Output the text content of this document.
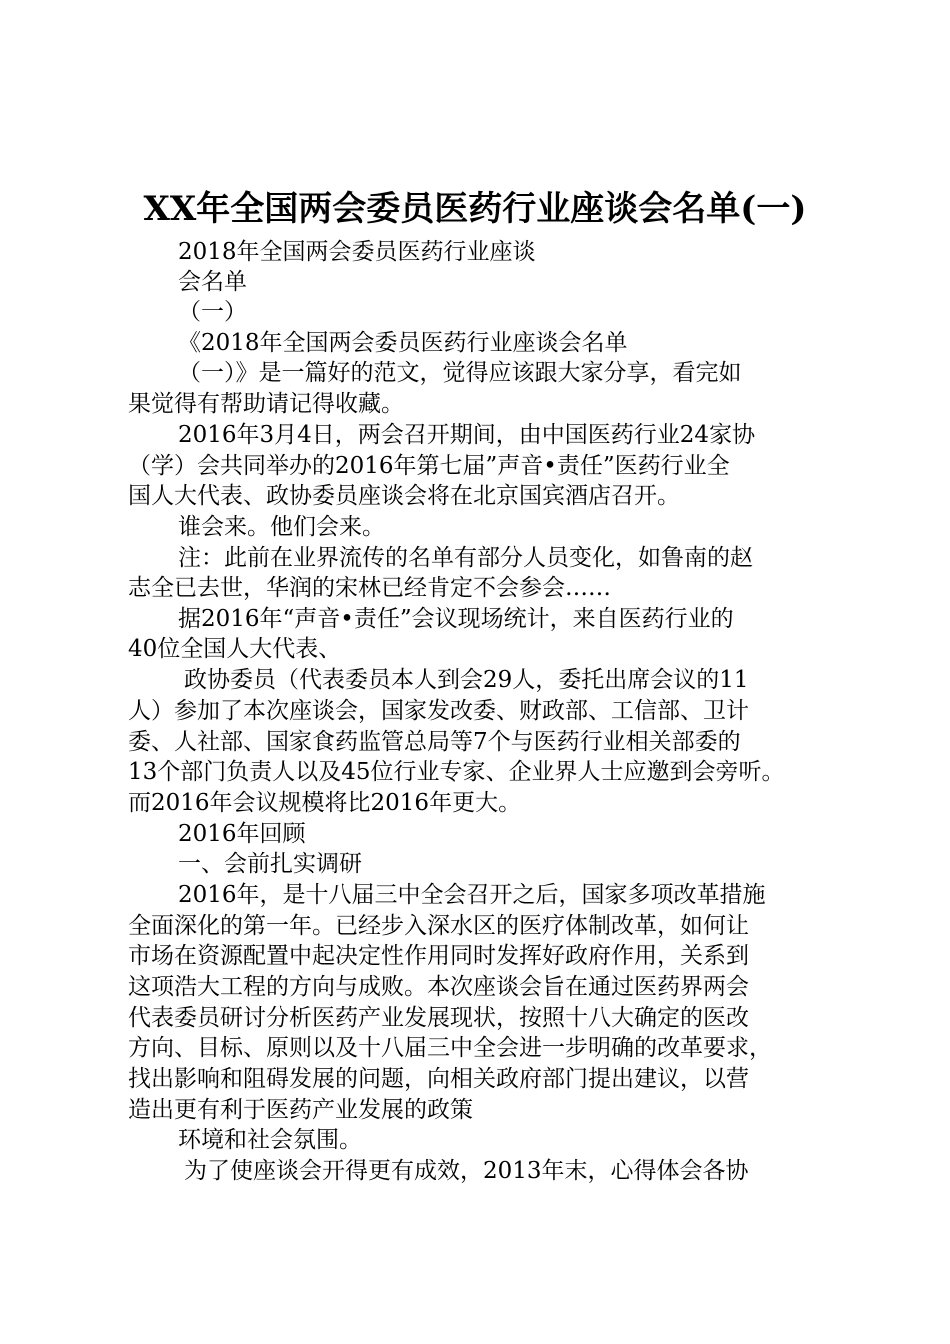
XX年全国两会委员医药行业座谈会名单(一)
2018年全国两会委员医药行业座谈
会名单
（一）
《2018年全国两会委员医药行业座谈会名单
（一）》是一篇好的范文，觉得应该跟大家分享，看完如
果觉得有帮助请记得收藏。
2016年3月4日，两会召开期间，由中国医药行业24家协
（学）会共同举办的2016年第七届”声音•责任”医药行业全
国人大代表、政协委员座谈会将在北京国宾酒店召开。
谁会来。他们会来。
注：此前在业界流传的名单有部分人员变化，如鲁南的赵
志全已去世，华润的宋林已经肯定不会参会……
据2016年“声音•责任”会议现场统计，来自医药行业的
40位全国人大代表、
政协委员（代表委员本人到会29人，委托出席会议的11
人）参加了本次座谈会，国家发改委、财政部、工信部、卫计
委、人社部、国家食药监管总局等7个与医药行业相关部委的
13个部门负责人以及45位行业专家、企业界人士应邀到会旁听。
而2016年会议规模将比2016年更大。
2016年回顾
一、会前扎实调研
2016年，是十八届三中全会召开之后，国家多项改革措施
全面深化的第一年。已经步入深水区的医疗体制改革，如何让
市场在资源配置中起决定性作用同时发挥好政府作用，关系到
这项浩大工程的方向与成败。本次座谈会旨在通过医药界两会
代表委员研讨分析医药产业发展现状，按照十八大确定的医改
方向、目标、原则以及十八届三中全会进一步明确的改革要求，
找出影响和阻碍发展的问题，向相关政府部门提出建议，以营
造出更有利于医药产业发展的政策
环境和社会氛围。
为了使座谈会开得更有成效，2013年末，心得体会各协
